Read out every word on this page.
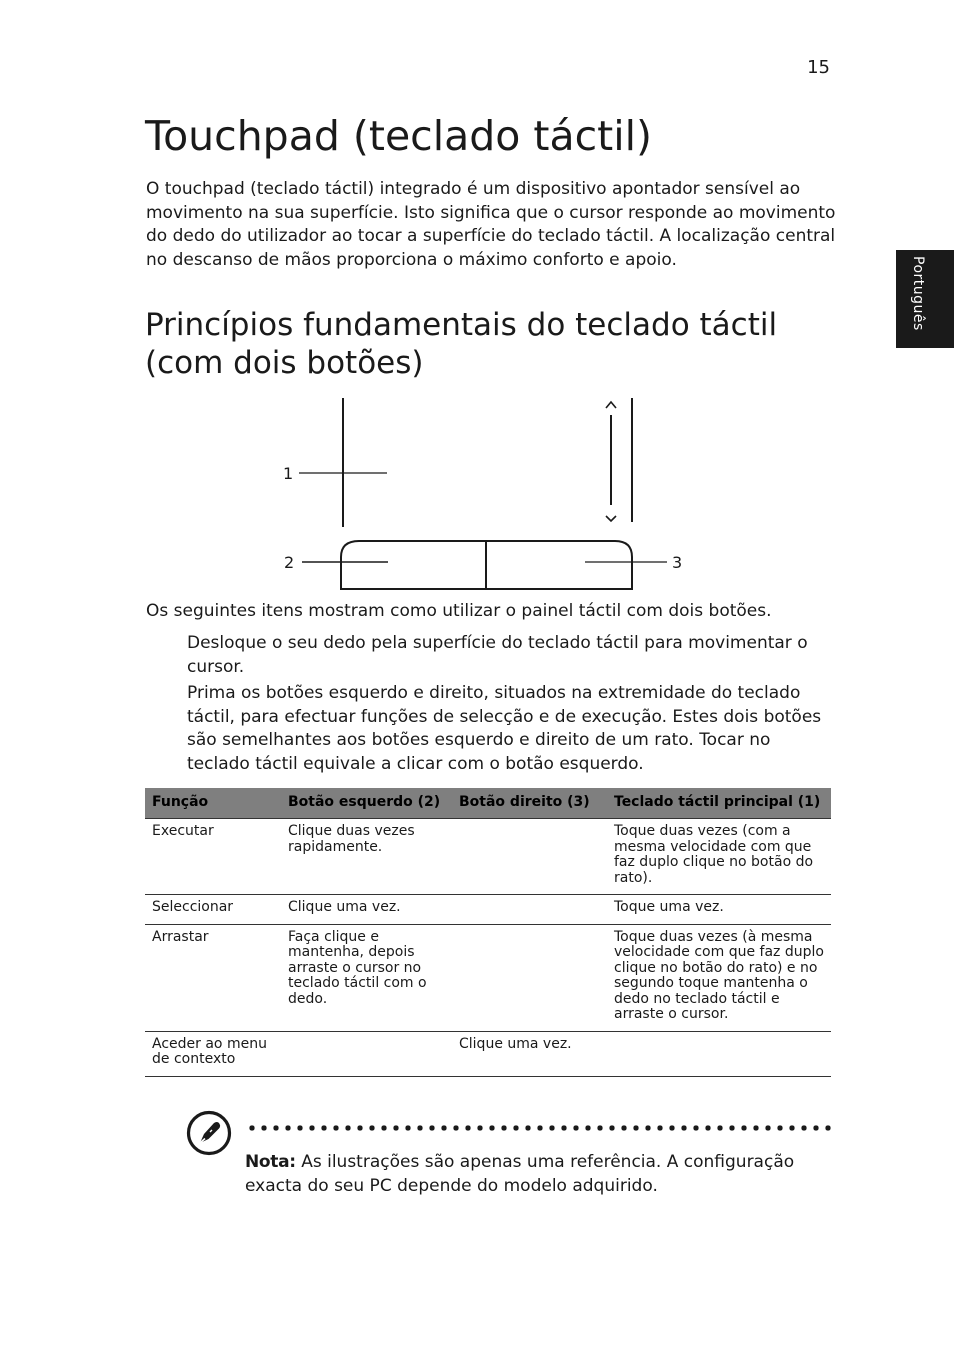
15
Português
Touchpad (teclado táctil)

O touchpad (teclado táctil) integrado é um dispositivo apontador sensível ao movimento na sua superfície. Isto significa que o cursor responde ao movimento do dedo do utilizador ao tocar a superfície do teclado táctil. A localização central no descanso de mãos proporciona o máximo conforto e apoio.

Princípios fundamentais do teclado táctil (com dois botões)
1
2	3

Os seguintes itens mostram como utilizar o painel táctil com dois botões.

Desloque o seu dedo pela superfície do teclado táctil para movimentar o cursor.
Prima os botões esquerdo e direito, situados na extremidade do teclado táctil, para efectuar funções de selecção e de execução. Estes dois botões são semelhantes aos botões esquerdo e direito de um rato. Tocar no teclado táctil equivale a clicar com o botão esquerdo.
Função	Botão esquerdo (2)	Botão direito (3)	Teclado táctil principal (1)
Executar	Clique duas vezes rapidamente.		Toque duas vezes (com a mesma velocidade com que faz duplo clique no botão do rato).
Seleccionar	Clique uma vez.		Toque uma vez.
Arrastar	Faça clique e mantenha, depois arraste o cursor no teclado táctil com o dedo.		Toque duas vezes (à mesma velocidade com que faz duplo clique no botão do rato) e no segundo toque mantenha o dedo no teclado táctil e arraste o cursor.
Aceder ao menu de contexto		Clique uma vez.	

Nota: As ilustrações são apenas uma referência. A configuração exacta do seu PC depende do modelo adquirido.
